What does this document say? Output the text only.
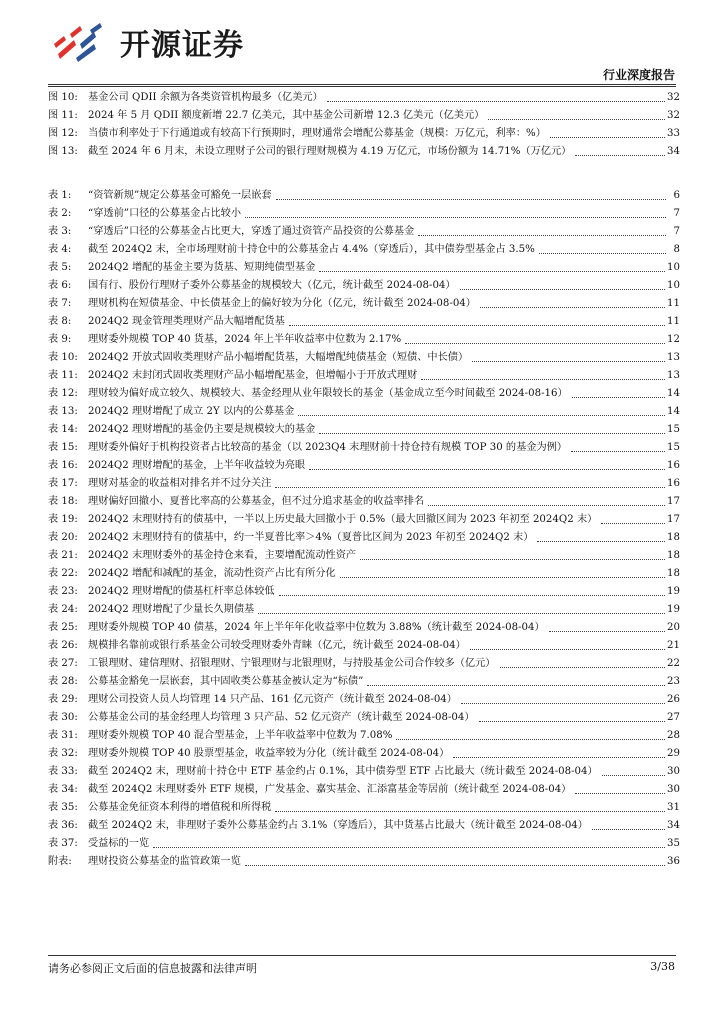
开源证券
行业深度报告
图 10: 基金公司 QDII 余额为各类资管机构最多（亿美元）	32
图 11: 2024 年 5 月 QDII 额度新增 22.7 亿美元，其中基金公司新增 12.3 亿美元（亿美元）	32
图 12: 当债市利率处于下行通道或有较高下行预期时，理财通常会增配公募基金（规模：万亿元，利率：%）	33
图 13: 截至 2024 年 6 月末，未设立理财子公司的银行理财规模为 4.19 万亿元，市场份额为 14.71%（万亿元）	34
表 1:	“资管新规”规定公募基金可豁免一层嵌套	6
表 2:	“穿透前”口径的公募基金占比较小	7
表 3:	“穿透后”口径的公募基金占比更大，穿透了通过资管产品投资的公募基金	7
表 4:	截至 2024Q2 末，全市场理财前十持仓中的公募基金占 4.4%（穿透后），其中债券型基金占 3.5%	8
表 5:	2024Q2 增配的基金主要为货基、短期纯债型基金	10
表 6:	国有行、股份行理财子委外公募基金的规模较大（亿元，统计截至 2024-08-04）	10
表 7:	理财机构在短债基金、中长债基金上的偏好较为分化（亿元，统计截至 2024-08-04）	11
表 8:	2024Q2 现金管理类理财产品大幅增配货基	11
表 9:	理财委外规模 TOP 40 货基，2024 年上半年收益率中位数为 2.17%	12
表 10: 2024Q2 开放式固收类理财产品小幅增配货基，大幅增配纯债基金（短债、中长债）	13
表 11: 2024Q2 末封闭式固收类理财产品小幅增配基金，但增幅小于开放式理财	13
表 12: 理财较为偏好成立较久、规模较大、基金经理从业年限较长的基金（基金成立至今时间截至 2024-08-16）	14
表 13: 2024Q2 理财增配了成立 2Y 以内的公募基金	14
表 14: 2024Q2 理财增配的基金仍主要是规模较大的基金	15
表 15: 理财委外偏好于机构投资者占比较高的基金（以 2023Q4 末理财前十持仓持有规模 TOP 30 的基金为例）	15
表 16: 2024Q2 理财增配的基金，上半年收益较为亮眼	16
表 17: 理财对基金的收益相对排名并不过分关注	16
表 18: 理财偏好回撤小、夏普比率高的公募基金，但不过分追求基金的收益率排名	17
表 19: 2024Q2 末理财持有的债基中，一半以上历史最大回撤小于 0.5%（最大回撤区间为 2023 年初至 2024Q2 末）	17
表 20: 2024Q2 末理财持有的债基中，约一半夏普比率＞4%（夏普比区间为 2023 年初至 2024Q2 末）	18
表 21: 2024Q2 末理财委外的基金持仓来看，主要增配流动性资产	18
表 22: 2024Q2 增配和减配的基金，流动性资产占比有所分化	18
表 23: 2024Q2 理财增配的债基杠杆率总体较低	19
表 24: 2024Q2 理财增配了少量长久期债基	19
表 25: 理财委外规模 TOP 40 债基，2024 年上半年年化收益率中位数为 3.88%（统计截至 2024-08-04）	20
表 26: 规模排名靠前或银行系基金公司较受理财委外青睐（亿元，统计截至 2024-08-04）	21
表 27: 工银理财、建信理财、招银理财、宁银理财与北银理财，与持股基金公司合作较多（亿元）	22
表 28: 公募基金豁免一层嵌套，其中固收类公募基金被认定为“标债”	23
表 29: 理财公司投资人员人均管理 14 只产品、161 亿元资产（统计截至 2024-08-04）	26
表 30: 公募基金公司的基金经理人均管理 3 只产品、52 亿元资产（统计截至 2024-08-04）	27
表 31: 理财委外规模 TOP 40 混合型基金，上半年收益率中位数为 7.08%	28
表 32: 理财委外规模 TOP 40 股票型基金，收益率较为分化（统计截至 2024-08-04）	29
表 33: 截至 2024Q2 末，理财前十持仓中 ETF 基金约占 0.1%，其中债券型 ETF 占比最大（统计截至 2024-08-04）	30
表 34: 截至 2024Q2 末理财委外 ETF 规模，广发基金、嘉实基金、汇添富基金等居前（统计截至 2024-08-04）	30
表 35: 公募基金免征资本利得的增值税和所得税	31
表 36: 截至 2024Q2 末，非理财子委外公募基金约占 3.1%（穿透后），其中货基占比最大（统计截至 2024-08-04）	34
表 37: 受益标的一览	35
附表:	理财投资公募基金的监管政策一览	36
请务必参阅正文后面的信息披露和法律声明	3/38
